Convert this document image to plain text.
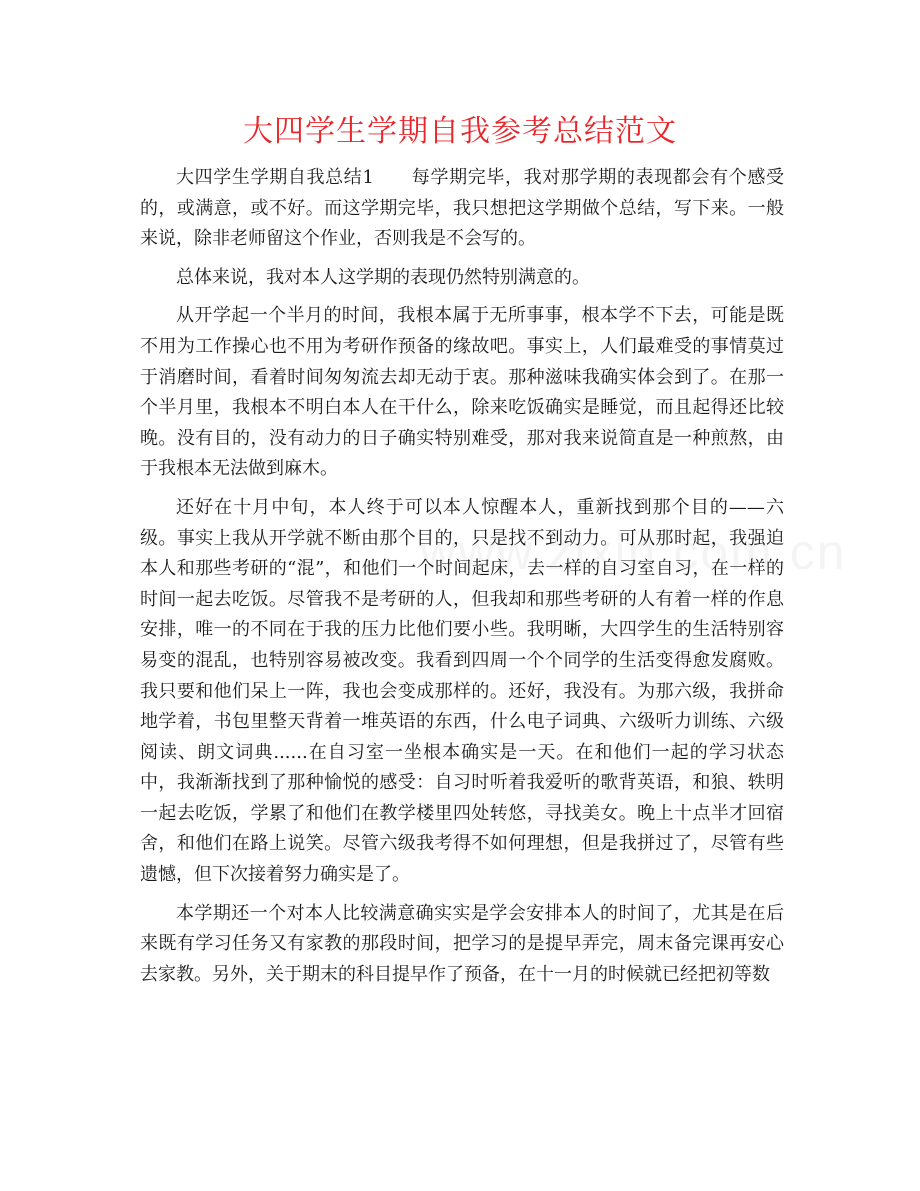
大四学生学期自我参考总结范文

大四学生学期自我总结1　　每学期完毕，我对那学期的表现都会有个感受的，或满意，或不好。而这学期完毕，我只想把这学期做个总结，写下来。一般来说，除非老师留这个作业，否则我是不会写的。

总体来说，我对本人这学期的表现仍然特别满意的。

从开学起一个半月的时间，我根本属于无所事事，根本学不下去，可能是既不用为工作操心也不用为考研作预备的缘故吧。事实上，人们最难受的事情莫过于消磨时间，看着时间匆匆流去却无动于衷。那种滋味我确实体会到了。在那一个半月里，我根本不明白本人在干什么，除来吃饭确实是睡觉，而且起得还比较晚。没有目的，没有动力的日子确实特别难受，那对我来说简直是一种煎熬，由于我根本无法做到麻木。

还好在十月中旬，本人终于可以本人惊醒本人，重新找到那个目的——六级。事实上我从开学就不断由那个目的，只是找不到动力。可从那时起，我强迫本人和那些考研的“混”，和他们一个时间起床，去一样的自习室自习，在一样的时间一起去吃饭。尽管我不是考研的人，但我却和那些考研的人有着一样的作息安排，唯一的不同在于我的压力比他们要小些。我明晰，大四学生的生活特别容易变的混乱，也特别容易被改变。我看到四周一个个同学的生活变得愈发腐败。我只要和他们呆上一阵，我也会变成那样的。还好，我没有。为那六级，我拼命地学着，书包里整天背着一堆英语的东西，什么电子词典、六级听力训练、六级阅读、朗文词典......在自习室一坐根本确实是一天。在和他们一起的学习状态中，我渐渐找到了那种愉悦的感受：自习时听着我爱听的歌背英语，和狼、轶明一起去吃饭，学累了和他们在教学楼里四处转悠，寻找美女。晚上十点半才回宿舍，和他们在路上说笑。尽管六级我考得不如何理想，但是我拼过了，尽管有些遗憾，但下次接着努力确实是了。

本学期还一个对本人比较满意确实实是学会安排本人的时间了，尤其是在后来既有学习任务又有家教的那段时间，把学习的是提早弄完，周末备完课再安心去家教。另外，关于期末的科目提早作了预备，在十一月的时候就已经把初等数
